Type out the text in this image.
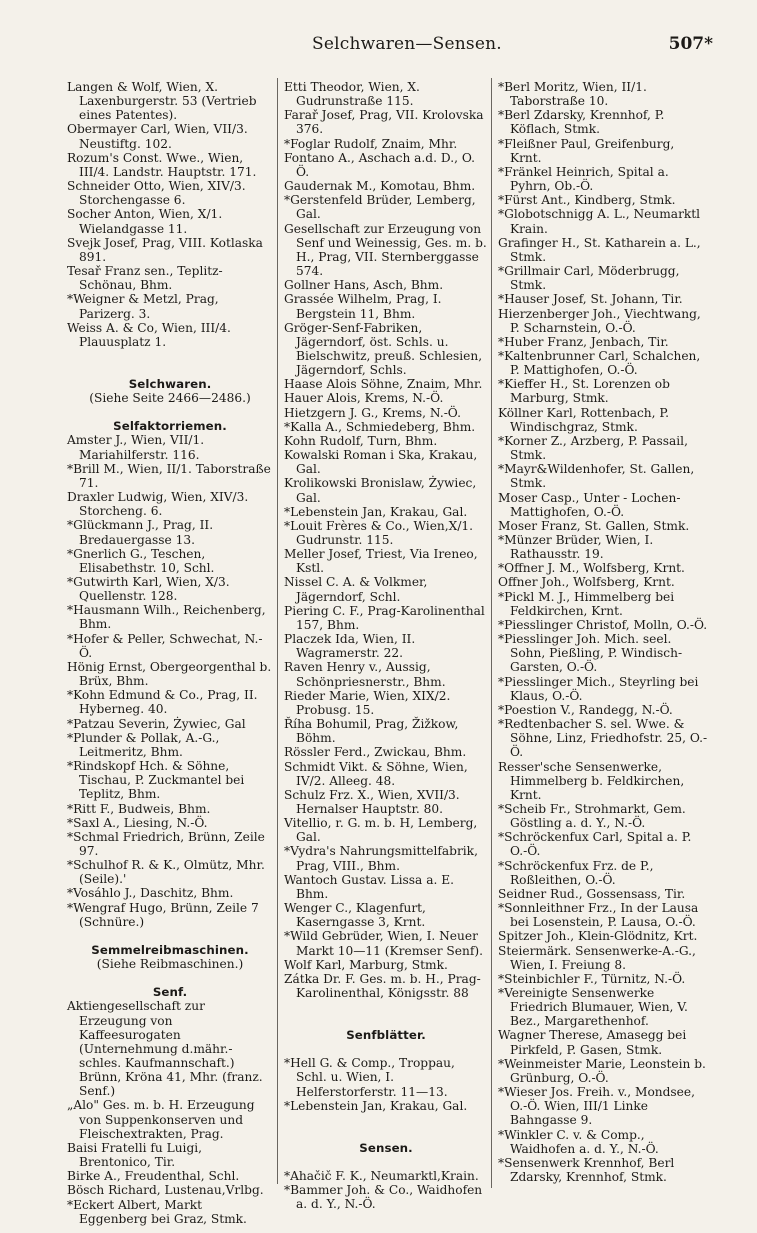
Selchwaren—Sensen.	507*
Langen & Wolf, Wien, X. Laxenburgerstr. 53 (Vertrieb eines Patentes).
Obermayer Carl, Wien, VII/3. Neustiftg. 102.
Rozum's Const. Wwe., Wien, III/4. Landstr. Hauptstr. 171.
Schneider Otto, Wien, XIV/3. Storchengasse 6.
Socher Anton, Wien, X/1. Wielandgasse 11.
Svejk Josef, Prag, VIII. Kotlaska 891.
Tesař Franz sen., Teplitz-Schönau, Bhm.
*Weigner & Metzl, Prag, Parizerg. 3.
Weiss A. & Co, Wien, III/4. Plauusplatz 1.
Selchwaren.
(Siehe Seite 2466—2486.)
Selfaktorriemen.
Amster J., Wien, VII/1. Mariahilferstr. 116.
*Brill M., Wien, II/1. Taborstraße 71.
Draxler Ludwig, Wien, XIV/3. Storcheng. 6.
*Glückmann J., Prag, II. Bredauergasse 13.
*Gnerlich G., Teschen, Elisabethstr. 10, Schl.
*Gutwirth Karl, Wien, X/3. Quellenstr. 128.
*Hausmann Wilh., Reichenberg, Bhm.
*Hofer & Peller, Schwechat, N.-Ö.
Hönig Ernst, Obergeorgenthal b. Brüx, Bhm.
*Kohn Edmund & Co., Prag, II. Hyberneg. 40.
*Patzau Severin, Żywiec, Gal
*Plunder & Pollak, A.-G., Leitmeritz, Bhm.
*Rindskopf Hch. & Söhne, Tischau, P. Zuckmantel bei Teplitz, Bhm.
*Ritt F., Budweis, Bhm.
*Saxl A., Liesing, N.-Ö.
*Schmal Friedrich, Brünn, Zeile 97.
*Schulhof R. & K., Olmütz, Mhr. (Seile).'
*Vosáhlo J., Daschitz, Bhm.
*Wengraf Hugo, Brünn, Zeile 7 (Schnüre.)
Semmelreibmaschinen.
(Siehe Reibmaschinen.)
Senf.
Aktiengesellschaft zur Erzeugung von Kaffeesurogaten (Unternehmung d.mähr.-schles. Kaufmannschaft.) Brünn, Kröna 41, Mhr. (franz. Senf.)
„Alo" Ges. m. b. H. Erzeugung von Suppenkonserven und Fleischextrakten, Prag.
Baisi Fratelli fu Luigi, Brentonico, Tir.
Birke A., Freudenthal, Schl.
Bösch Richard, Lustenau,Vrlbg.
*Eckert Albert, Markt Eggenberg bei Graz, Stmk.
Etti Theodor, Wien, X. Gudrunstraße 115.
Farař Josef, Prag, VII. Krolovska 376.
*Foglar Rudolf, Znaim, Mhr.
Fontano A., Aschach a.d. D., O. Ö.
Gaudernak M., Komotau, Bhm.
*Gerstenfeld Brüder, Lemberg, Gal.
Gesellschaft zur Erzeugung von Senf und Weinessig, Ges. m. b. H., Prag, VII. Sternberggasse 574.
Gollner Hans, Asch, Bhm.
Grassée Wilhelm, Prag, I. Bergstein 11, Bhm.
Gröger-Senf-Fabriken, Jägerndorf, öst. Schls. u. Bielschwitz, preuß. Schlesien, Jägerndorf, Schls.
Haase Alois Söhne, Znaim, Mhr.
Hauer Alois, Krems, N.-Ö.
Hietzgern J. G., Krems, N.-Ö.
*Kalla A., Schmiedeberg, Bhm.
Kohn Rudolf, Turn, Bhm.
Kowalski Roman i Ska, Krakau, Gal.
Krolikowski Bronislaw, Żywiec, Gal.
*Lebenstein Jan, Krakau, Gal.
*Louit Frères & Co., Wien,X/1. Gudrunstr. 115.
Meller Josef, Triest, Via Ireneo, Kstl.
Nissel C. A. & Volkmer, Jägerndorf, Schl.
Piering C. F., Prag-Karolinenthal 157, Bhm.
Placzek Ida, Wien, II. Wagramerstr. 22.
Raven Henry v., Aussig, Schönpriesnerstr., Bhm.
Rieder Marie, Wien, XIX/2. Probusg. 15.
Říha Bohumil, Prag, Žižkow, Böhm.
Rössler Ferd., Zwickau, Bhm.
Schmidt Vikt. & Söhne, Wien, IV/2. Alleeg. 48.
Schulz Frz. X., Wien, XVII/3. Hernalser Hauptstr. 80.
Vitellio, r. G. m. b. H, Lemberg, Gal.
*Vydra's Nahrungsmittelfabrik, Prag, VIII., Bhm.
Wantoch Gustav. Lissa a. E. Bhm.
Wenger C., Klagenfurt, Kaserngasse 3, Krnt.
*Wild Gebrüder, Wien, I. Neuer Markt 10—11 (Kremser Senf).
Wolf Karl, Marburg, Stmk.
Zátka Dr. F. Ges. m. b. H., Prag-Karolinenthal, Königsstr. 88
Senfblätter.
*Hell G. & Comp., Troppau, Schl. u. Wien, I. Helferstorferstr. 11—13.
*Lebenstein Jan, Krakau, Gal.
Sensen.
*Ahačič F. K., Neumarktl,Krain.
*Bammer Joh. & Co., Waidhofen a. d. Y., N.-Ö.
*Berl Moritz, Wien, II/1. Taborstraße 10.
*Berl Zdarsky, Krennhof, P. Köflach, Stmk.
*Fleißner Paul, Greifenburg, Krnt.
*Fränkel Heinrich, Spital a. Pyhrn, Ob.-Ö.
*Fürst Ant., Kindberg, Stmk.
*Globotschnigg A. L., Neumarktl Krain.
Grafinger H., St. Katharein a. L., Stmk.
*Grillmair Carl, Möderbrugg, Stmk.
*Hauser Josef, St. Johann, Tir.
Hierzenberger Joh., Viechtwang, P. Scharnstein, O.-Ö.
*Huber Franz, Jenbach, Tir.
*Kaltenbrunner Carl, Schalchen, P. Mattighofen, O.-Ö.
*Kieffer H., St. Lorenzen ob Marburg, Stmk.
Köllner Karl, Rottenbach, P. Windischgraz, Stmk.
*Korner Z., Arzberg, P. Passail, Stmk.
*Mayr&Wildenhofer, St. Gallen, Stmk.
Moser Casp., Unter - Lochen-Mattighofen, O.-Ö.
Moser Franz, St. Gallen, Stmk.
*Münzer Brüder, Wien, I. Rathausstr. 19.
*Offner J. M., Wolfsberg, Krnt.
Offner Joh., Wolfsberg, Krnt.
*Pickl M. J., Himmelberg bei Feldkirchen, Krnt.
*Piesslinger Christof, Molln, O.-Ö.
*Piesslinger Joh. Mich. seel. Sohn, Pießling, P. Windisch-Garsten, O.-Ö.
*Piesslinger Mich., Steyrling bei Klaus, O.-Ö.
*Poestion V., Randegg, N.-Ö.
*Redtenbacher S. sel. Wwe. & Söhne, Linz, Friedhofstr. 25, O.-Ö.
Resser'sche Sensenwerke, Himmelberg b. Feldkirchen, Krnt.
*Scheib Fr., Strohmarkt, Gem. Göstling a. d. Y., N.-Ö.
*Schröckenfux Carl, Spital a. P. O.-Ö.
*Schröckenfux Frz. de P., Roßleithen, O.-Ö.
Seidner Rud., Gossensass, Tir.
*Sonnleithner Frz., In der Lausa bei Losenstein, P. Lausa, O.-Ö.
Spitzer Joh., Klein-Glödnitz, Krt.
Steiermärk. Sensenwerke-A.-G., Wien, I. Freiung 8.
*Steinbichler F., Türnitz, N.-Ö.
*Vereinigte Sensenwerke Friedrich Blumauer, Wien, V. Bez., Margarethenhof.
Wagner Therese, Amasegg bei Pirkfeld, P. Gasen, Stmk.
*Weinmeister Marie, Leonstein b. Grünburg, O.-Ö.
*Wieser Jos. Freih. v., Mondsee, O.-Ö. Wien, III/1 Linke Bahngasse 9.
*Winkler C. v. & Comp., Waidhofen a. d. Y., N.-Ö.
*Sensenwerk Krennhof, Berl Zdarsky, Krennhof, Stmk.
